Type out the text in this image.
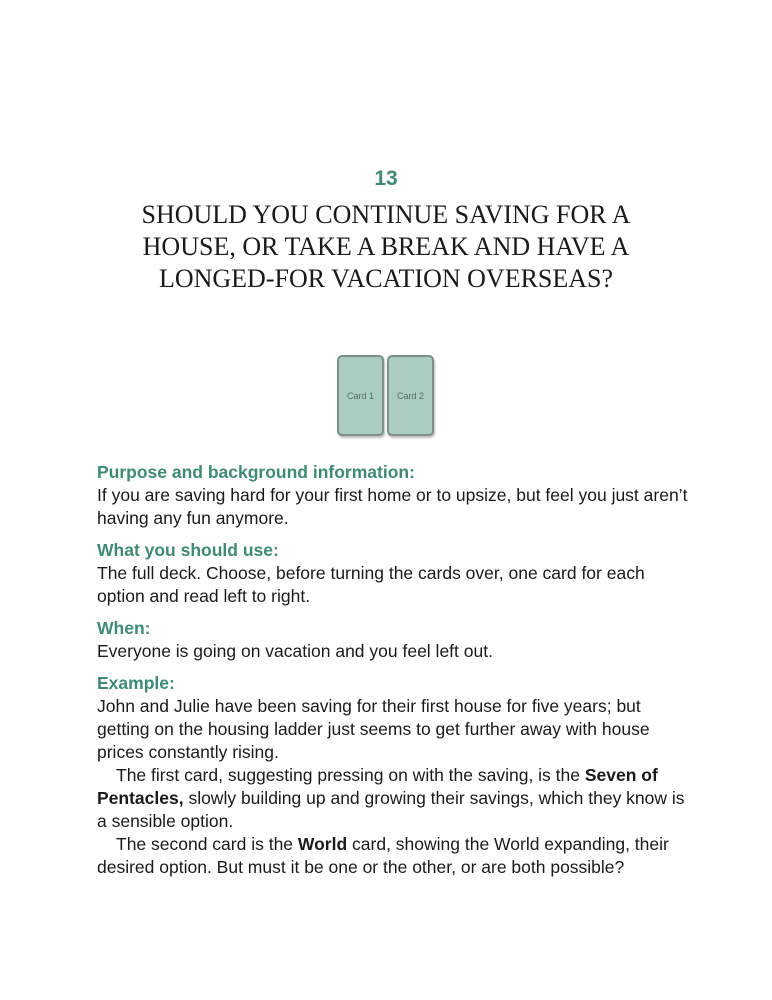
13
SHOULD YOU CONTINUE SAVING FOR A HOUSE, OR TAKE A BREAK AND HAVE A LONGED-FOR VACATION OVERSEAS?
Card 1	Card 2
Purpose and background information:

If you are saving hard for your first home or to upsize, but feel you just aren’t having any fun anymore.

What you should use:

The full deck. Choose, before turning the cards over, one card for each option and read left to right.

When:

Everyone is going on vacation and you feel left out.

Example:

John and Julie have been saving for their first house for five years; but getting on the housing ladder just seems to get further away with house prices constantly rising.

The first card, suggesting pressing on with the saving, is the Seven of Pentacles, slowly building up and growing their savings, which they know is a sensible option.

The second card is the World card, showing the World expanding, their desired option. But must it be one or the other, or are both possible?
